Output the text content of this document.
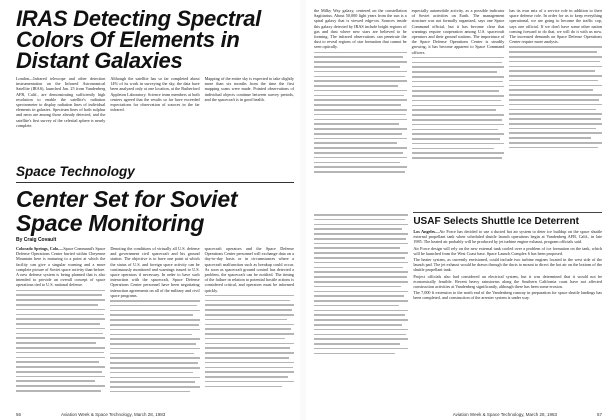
IRAS Detecting Spectral Colors Of Elements in Distant Galaxies
London—Infrared telescope and other detection instrumentation on the Infrared Astronomical Satellite (IRAS), launched Jan. 25 from Vandenberg AFB, Calif., are demonstrating sufficiently high resolution to enable the satellite's radiation spectrometer to display radiation lines of individual elements in galaxies. Spectrum lines of both sulphur and neon are among those already detected, and the satellite's first survey of the celestial sphere is nearly complete.
Although the satellite has so far completed about 14% of its work in surveying the sky, the data have been analyzed only at one location, at the Rutherford Appleton Laboratory. Science team members at both centers agreed that the results so far have exceeded expectations for observation of sources in the far infrared.
Mapping of the entire sky is expected to take slightly more than six months from the time the first mapping scans were made. Pointed observations of individual objects continue between survey periods, and the spacecraft is in good health.
Space Technology
Center Set for Soviet Space Monitoring
By Craig Covault

Colorado Springs, Colo.—Space Command's Space Defense Operations Center buried within Cheyenne Mountain here is maturing to a point at which the facility can give a singular warning and a more complete picture of Soviet space activity than before. A new defense system is being planned that is also intended to provide an overall concept of space operations tied to U.S. national defense.

Denoting the conditions of virtually all U.S. defense and government civil spacecraft and his ground station. The objective is to have one point at which the status of U.S. and foreign space activity can be continuously monitored and warnings issued to U.S. space operators if necessary. In order to have such interaction with the spacecraft, Space Defense Operations Center personnel have been negotiating interaction agreements on all of the military and civil space programs.

spacecraft operators and the Space Defense Operations Center personnel will exchange data on a day-to-day basis or in circumstances where a spacecraft malfunction such as breakup could occur. As soon as spacecraft ground control has detected a problem, the spacecraft can be notified. The timing of the failure in relation to potential hostile actions is considered critical, and operators must be informed quickly.

56	Aviation Week & Space Technology, March 28, 1983

the Milky Way galaxy, centered on the constellation Sagittarius. About 50,000 light years from the sun is a spiral galaxy that is viewed edge-on. Sources inside this galaxy detected by IRAS include bright regions of gas and dust where new stars are believed to be forming. The infrared observations can penetrate the dust to reveal regions of star formation that cannot be seen optically.

especially automobile activity, as a possible indicator of Soviet activities on Earth. The management structure was not formally organized, says one Space Command official, but it has become clear that warnings require cooperation among U.S. spacecraft operators and their ground stations. The importance of the Space Defense Operations Center is steadily growing, it has become apparent to Space Command officers.

has its own mix of a service role in addition to their space defense role. In order for us to keep everything operational, we are going to become the traffic cop, says one official. If we don't have some other nation coming forward to do that, we will do it with us now. The increased demands on Space Defense Operations Center require more analysts.

USAF Selects Shuttle Ice Deterrent

Los Angeles—Air Force has decided to use a ducted hot air system to deter ice buildup on the space shuttle external propellant tank when scheduled shuttle launch operations begin at Vandenberg AFB, Calif., in late 1985. The heated air probably will be produced by jet turbine engine exhaust, program officials said.

Air Force design will rely on the new external tank cooled over a problem of ice formation on the tank, which will be launched from the West Coast base. Space Launch Complex 6 has been proposed.

The heater system, as currently envisioned, could include two turbine engines located in the west side of the launch pad. The jet exhaust would be drawn through the ducts to mount to direct the hot air on the bottom of the shuttle propellant tank.

Project officials also had considered an electrical system, but it was determined that it would not be economically feasible. Recent heavy rainstorms along the Southern California coast have not affected construction activities at Vandenberg significantly, although there has been some erosion.

The 7,000 ft extension to the north end of the Vandenberg runway in preparation for space shuttle landings has been completed, and construction of the arrester system is under way.

Aviation Week & Space Technology, March 28, 1983	57
